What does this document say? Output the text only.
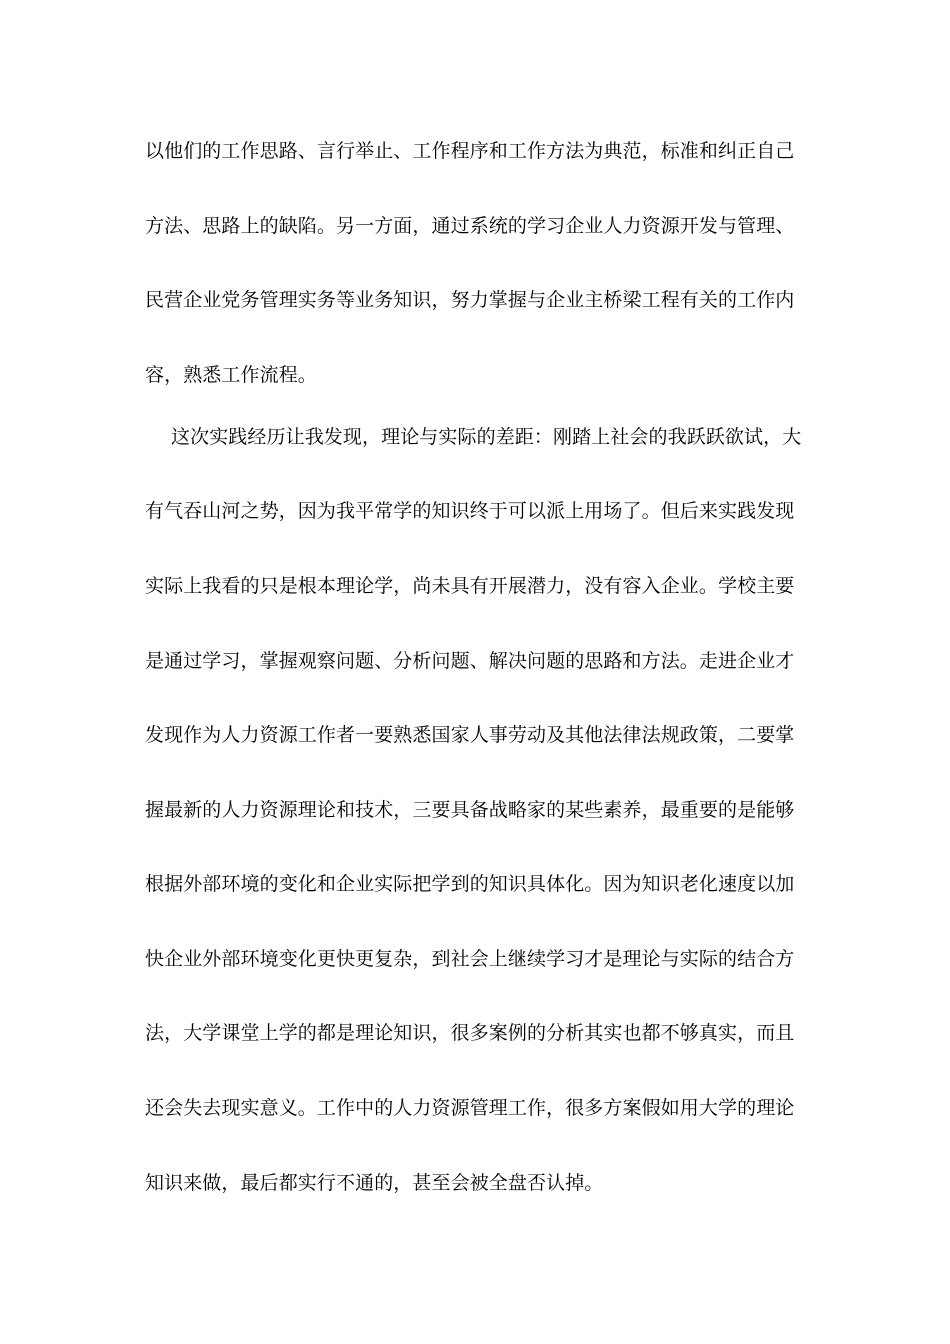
以他们的工作思路、言行举止、工作程序和工作方法为典范，标准和纠正自己
方法、思路上的缺陷。另一方面，通过系统的学习企业人力资源开发与管理、
民营企业党务管理实务等业务知识，努力掌握与企业主桥梁工程有关的工作内
容，熟悉工作流程。
这次实践经历让我发现，理论与实际的差距：刚踏上社会的我跃跃欲试，大
有气吞山河之势，因为我平常学的知识终于可以派上用场了。但后来实践发现
实际上我看的只是根本理论学，尚未具有开展潜力，没有容入企业。学校主要
是通过学习，掌握观察问题、分析问题、解决问题的思路和方法。走进企业才
发现作为人力资源工作者一要熟悉国家人事劳动及其他法律法规政策，二要掌
握最新的人力资源理论和技术，三要具备战略家的某些素养，最重要的是能够
根据外部环境的变化和企业实际把学到的知识具体化。因为知识老化速度以加
快企业外部环境变化更快更复杂，到社会上继续学习才是理论与实际的结合方
法，大学课堂上学的都是理论知识，很多案例的分析其实也都不够真实，而且
还会失去现实意义。工作中的人力资源管理工作，很多方案假如用大学的理论
知识来做，最后都实行不通的，甚至会被全盘否认掉。
